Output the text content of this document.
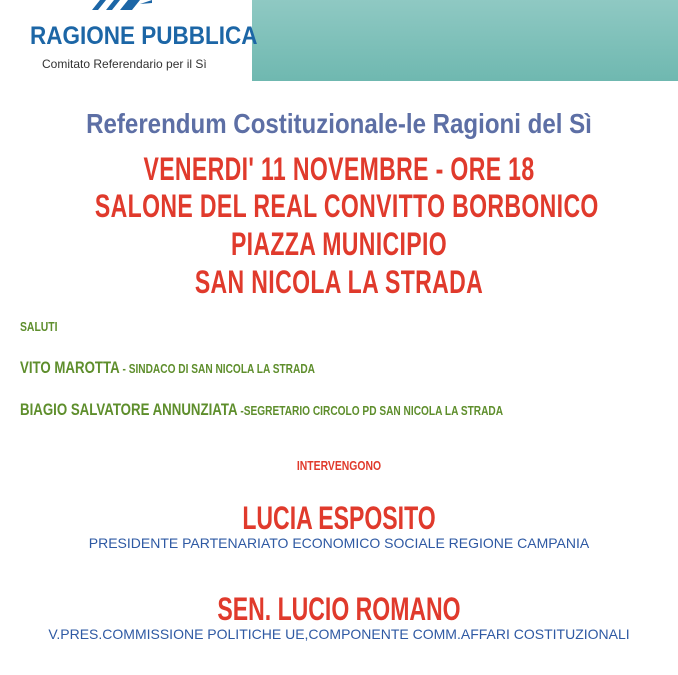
RAGIONE PUBBLICA
Comitato Referendario per il Sì
Referendum Costituzionale-le Ragioni del Sì
VENERDI' 11 NOVEMBRE - ORE 18
SALONE DEL REAL CONVITTO BORBONICO
PIAZZA MUNICIPIO
SAN NICOLA LA STRADA
SALUTI
VITO MAROTTA - SINDACO DI SAN NICOLA LA STRADA
BIAGIO SALVATORE ANNUNZIATA -SEGRETARIO CIRCOLO PD SAN NICOLA LA STRADA
INTERVENGONO
LUCIA ESPOSITO
PRESIDENTE PARTENARIATO ECONOMICO SOCIALE REGIONE CAMPANIA
SEN. LUCIO ROMANO
V.PRES.COMMISSIONE POLITICHE UE,COMPONENTE COMM.AFFARI COSTITUZIONALI
